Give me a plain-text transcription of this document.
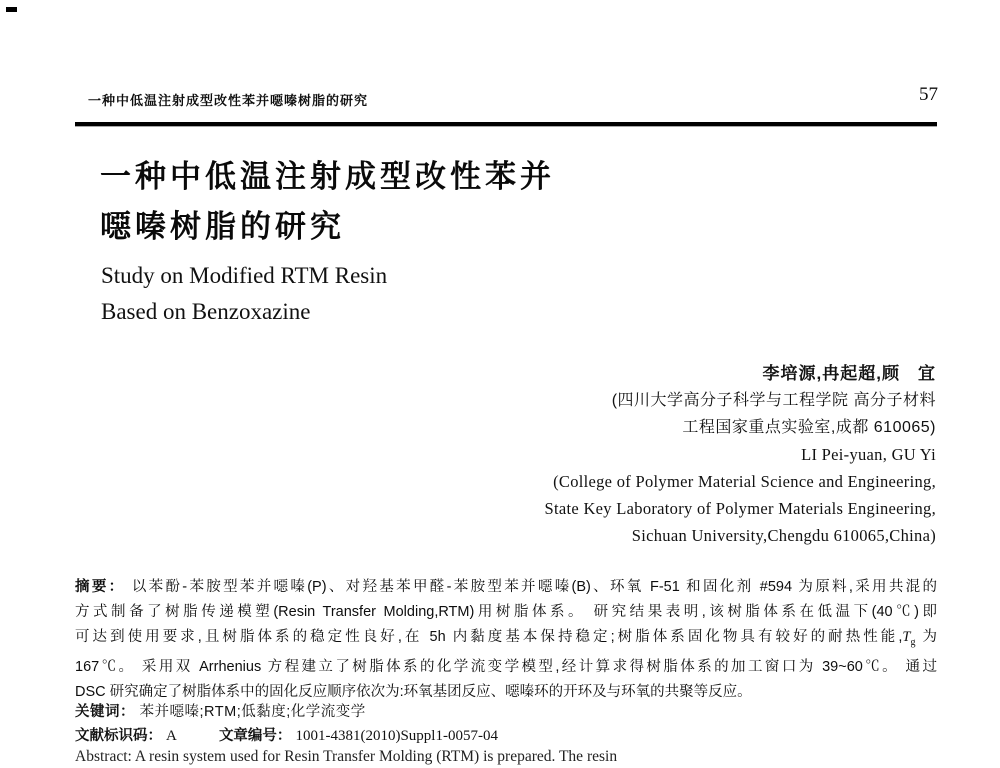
一种中低温注射成型改性苯并噁嗪树脂的研究	57
一种中低温注射成型改性苯并
噁嗪树脂的研究
Study on Modified RTM Resin
Based on Benzoxazine
李培源,冉起超,顾　宜
(四川大学高分子科学与工程学院 高分子材料
工程国家重点实验室,成都 610065)
LI Pei-yuan, GU Yi
(College of Polymer Material Science and Engineering,
State Key Laboratory of Polymer Materials Engineering,
Sichuan University,Chengdu 610065,China)
摘要： 以苯酚-苯胺型苯并噁嗪(P)、对羟基苯甲醛-苯胺型苯并噁嗪(B)、环氧 F-51 和固化剂 #594 为原料,采用共混的
方式制备了树脂传递模塑(Resin Transfer Molding,RTM)用树脂体系。 研究结果表明,该树脂体系在低温下(40℃)即
可达到使用要求,且树脂体系的稳定性良好,在 5h 内黏度基本保持稳定;树脂体系固化物具有较好的耐热性能$,T_g$ 为
167℃。 采用双 Arrhenius 方程建立了树脂体系的化学流变学模型,经计算求得树脂体系的加工窗口为 39~60℃。 通过
DSC 研究确定了树脂体系中的固化反应顺序依次为:环氧基团反应、噁嗪环的开环及与环氧的共聚等反应。
关键词： 苯并噁嗪;RTM;低黏度;化学流变学
文献标识码： A	文章编号： 1001-4381(2010)Suppl1-0057-04
Abstract: A resin system used for Resin Transfer Molding (RTM) is prepared. The resin
